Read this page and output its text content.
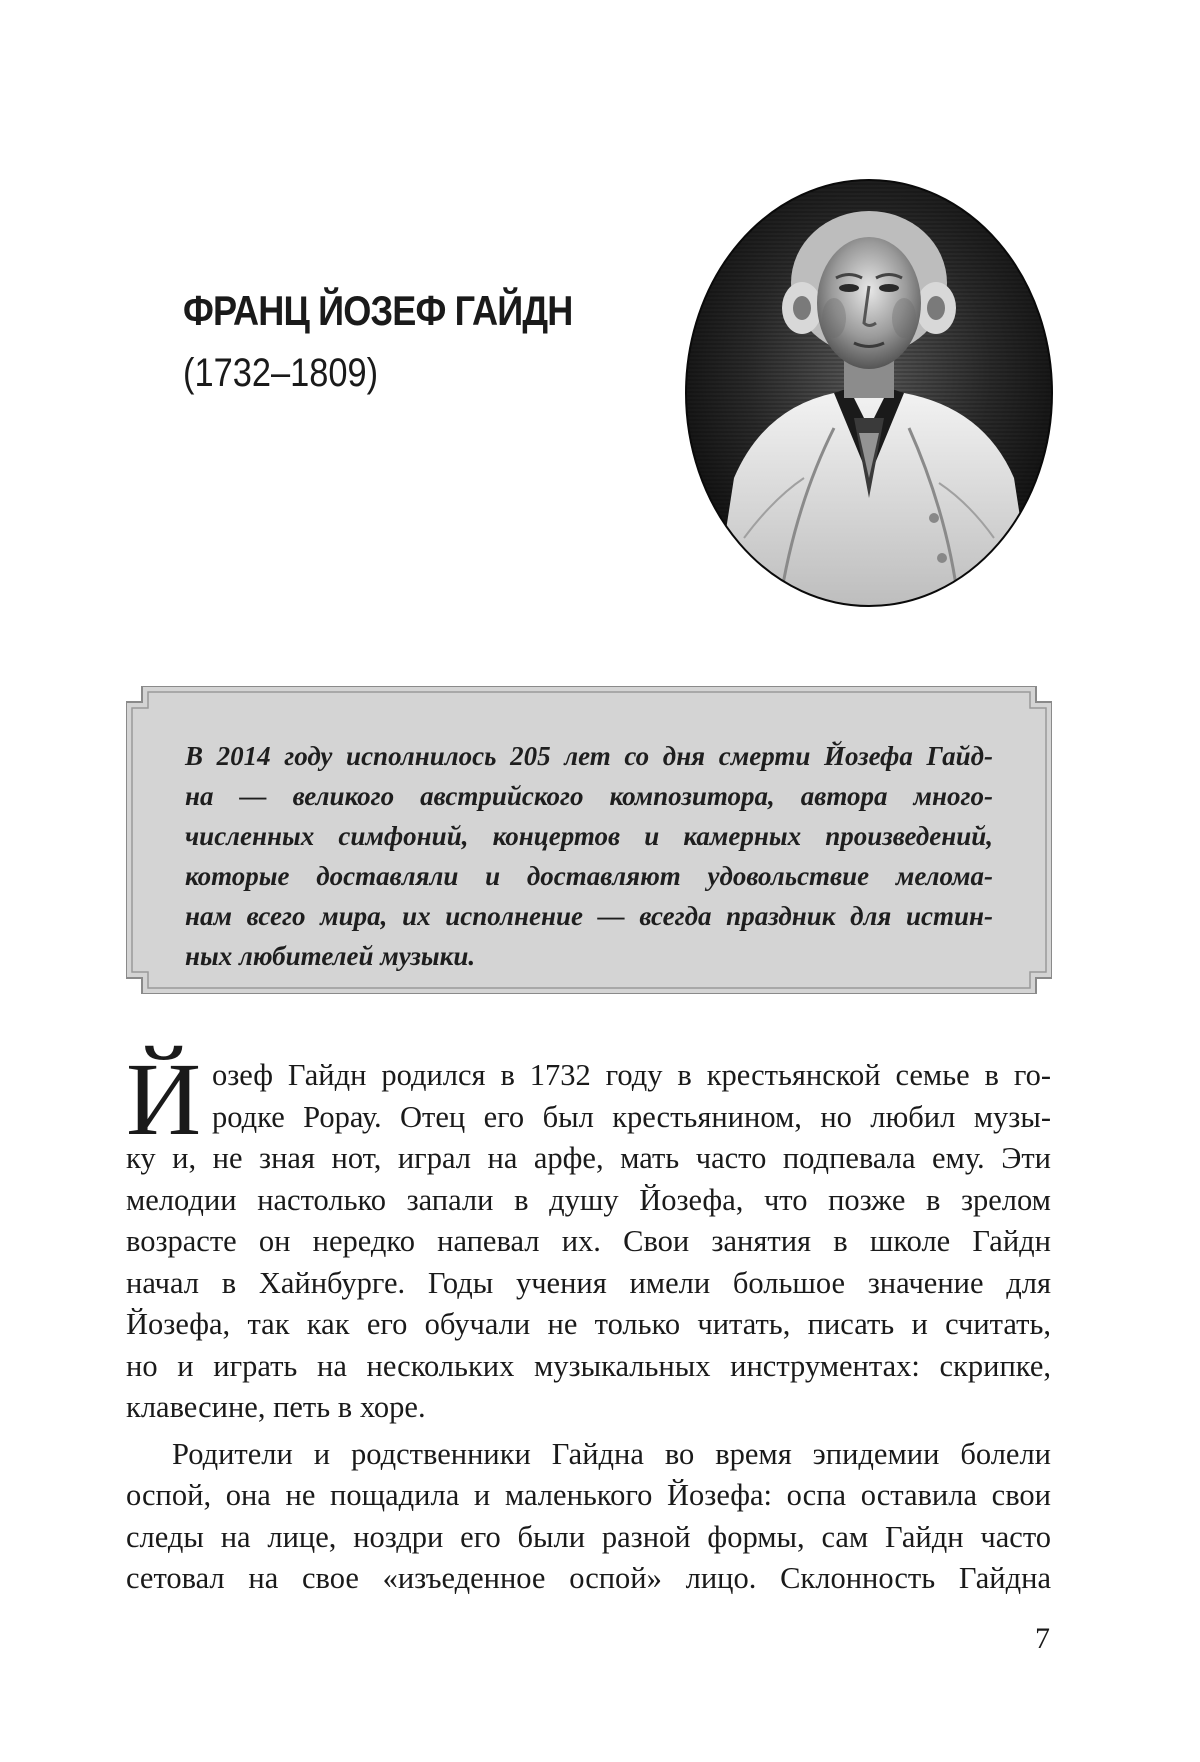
ФРАНЦ ЙОЗЕФ ГАЙДН
(1732–1809)
В 2014 году исполнилось 205 лет со дня смерти Йозефа Гайд-
на — великого австрийского композитора, автора много-
численных симфоний, концертов и камерных произведений,
которые доставляли и доставляют удовольствие мелома-
нам всего мира, их исполнение — всегда праздник для истин-
ных любителей музыки.
Й озеф Гайдн родился в 1732 году в крестьянской семье в го-
родке Рорау. Отец его был крестьянином, но любил музы-
ку и, не зная нот, играл на арфе, мать часто подпевала ему. Эти
мелодии настолько запали в душу Йозефа, что позже в зрелом
возрасте он нередко напевал их. Свои занятия в школе Гайдн
начал в Хайнбурге. Годы учения имели большое значение для
Йозефа, так как его обучали не только читать, писать и считать,
но и играть на нескольких музыкальных инструментах: скрипке,
клавесине, петь в хоре.
Родители и родственники Гайдна во время эпидемии болели
оспой, она не пощадила и маленького Йозефа: оспа оставила свои
следы на лице, ноздри его были разной формы, сам Гайдн часто
сетовал на свое «изъеденное оспой» лицо. Склонность Гайдна
7
